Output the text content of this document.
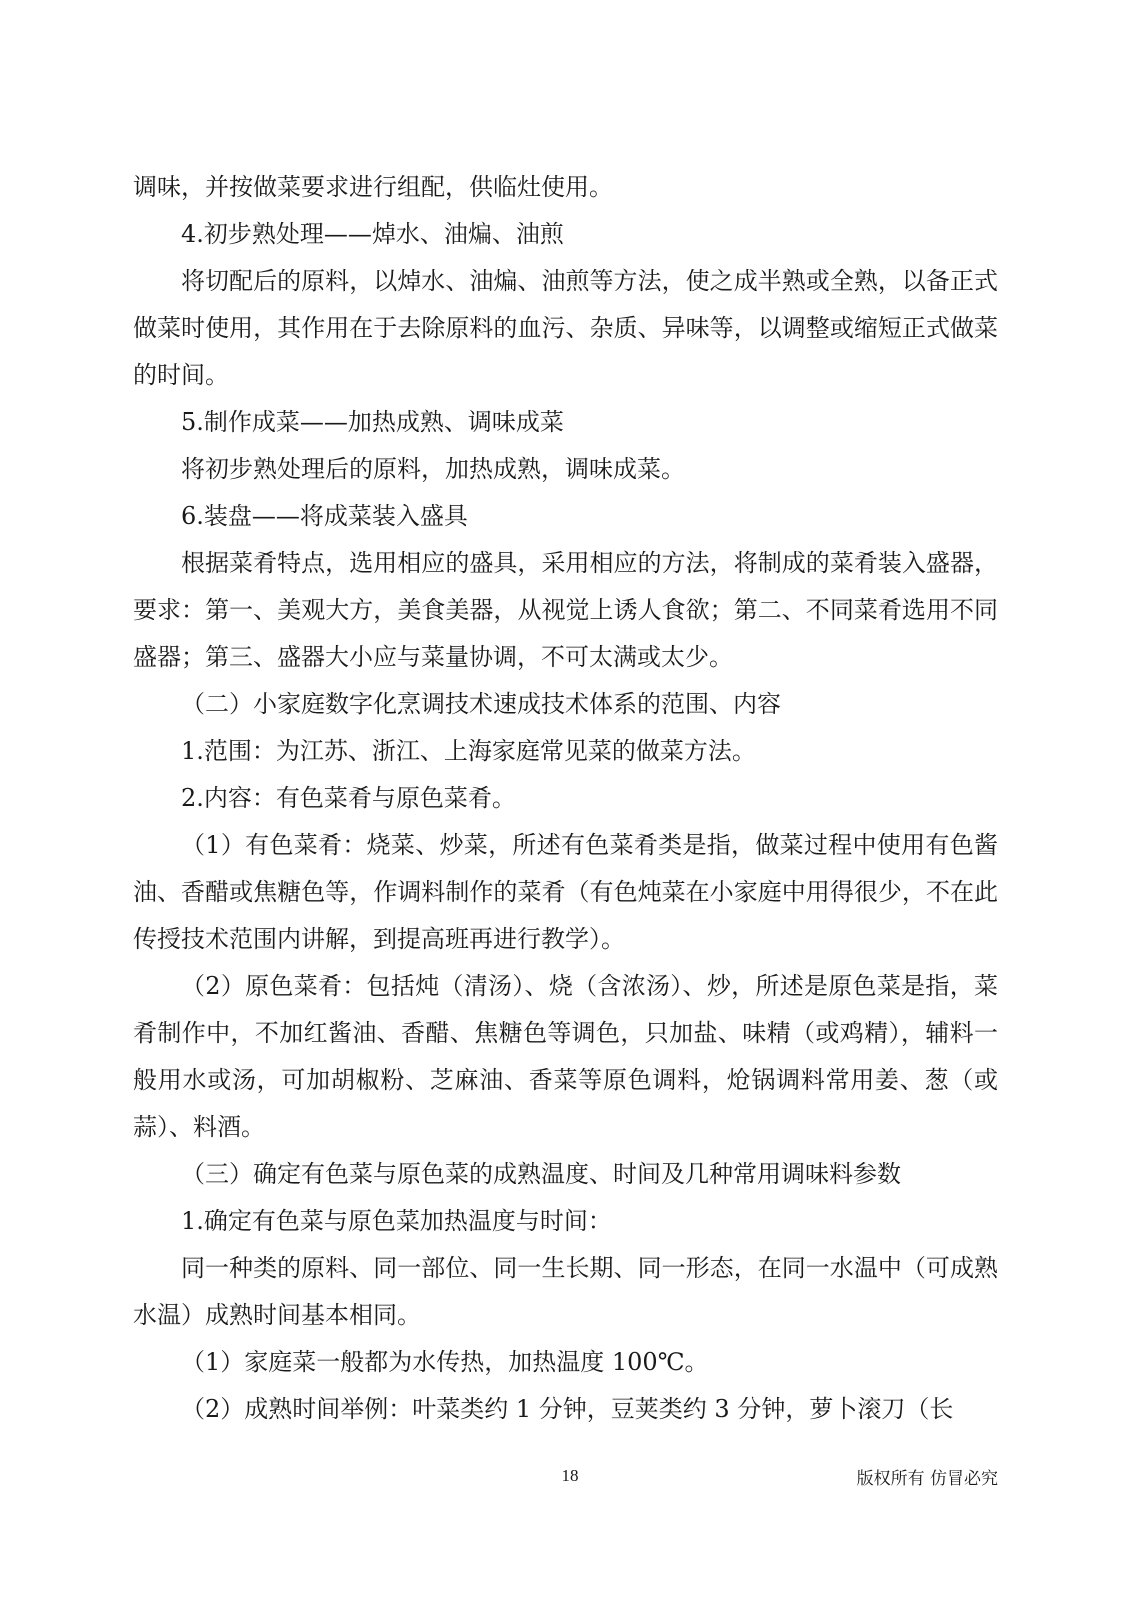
调味，并按做菜要求进行组配，供临灶使用。

4.初步熟处理——焯水、油煸、油煎

将切配后的原料，以焯水、油煸、油煎等方法，使之成半熟或全熟，以备正式做菜时使用，其作用在于去除原料的血污、杂质、异味等，以调整或缩短正式做菜的时间。

5.制作成菜——加热成熟、调味成菜

将初步熟处理后的原料，加热成熟，调味成菜。

6.装盘——将成菜装入盛具

根据菜肴特点，选用相应的盛具，采用相应的方法，将制成的菜肴装入盛器，要求：第一、美观大方，美食美器，从视觉上诱人食欲；第二、不同菜肴选用不同盛器；第三、盛器大小应与菜量协调，不可太满或太少。

（二）小家庭数字化烹调技术速成技术体系的范围、内容

1.范围：为江苏、浙江、上海家庭常见菜的做菜方法。

2.内容：有色菜肴与原色菜肴。

（1）有色菜肴：烧菜、炒菜，所述有色菜肴类是指，做菜过程中使用有色酱油、香醋或焦糖色等，作调料制作的菜肴（有色炖菜在小家庭中用得很少，不在此传授技术范围内讲解，到提高班再进行教学）。

（2）原色菜肴：包括炖（清汤）、烧（含浓汤）、炒，所述是原色菜是指，菜肴制作中，不加红酱油、香醋、焦糖色等调色，只加盐、味精（或鸡精），辅料一般用水或汤，可加胡椒粉、芝麻油、香菜等原色调料，炝锅调料常用姜、葱（或蒜）、料酒。

（三）确定有色菜与原色菜的成熟温度、时间及几种常用调味料参数

1.确定有色菜与原色菜加热温度与时间：

同一种类的原料、同一部位、同一生长期、同一形态，在同一水温中（可成熟水温）成熟时间基本相同。

（1）家庭菜一般都为水传热，加热温度 100℃。

（2）成熟时间举例：叶菜类约 1 分钟，豆荚类约 3 分钟，萝卜滚刀（长

18	版权所有 仿冒必究
